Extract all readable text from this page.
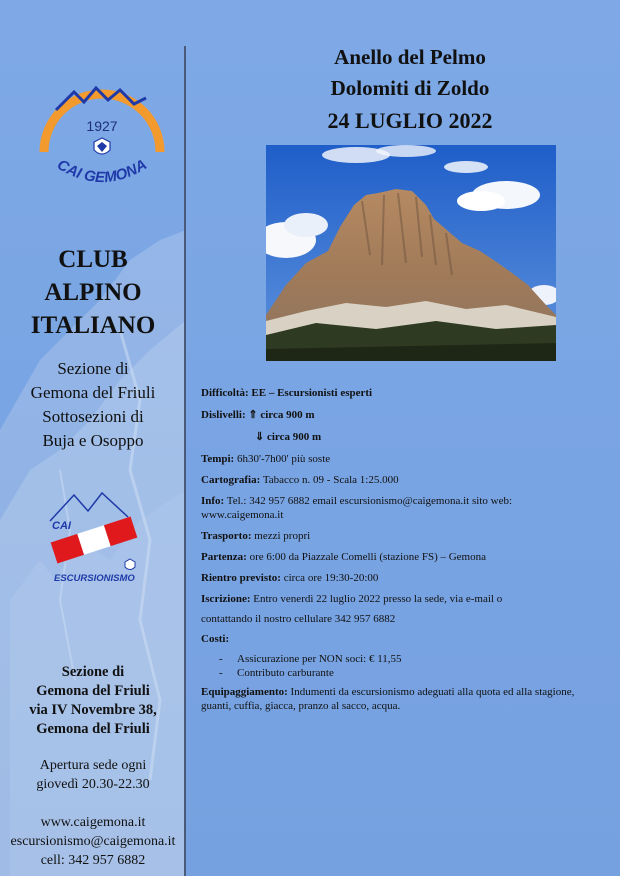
1927
CAI GEMONA
CLUB
ALPINO
ITALIANO
Sezione di
Gemona del Friuli
Sottosezioni di
Buja e Osoppo
CAI
ESCURSIONISMO
Sezione di
Gemona del Friuli
via IV Novembre 38,
Gemona del Friuli
Apertura sede ogni
giovedì 20.30-22.30
www.caigemona.it
escursionismo@caigemona.it
cell: 342 957 6882
Anello del Pelmo
Dolomiti di Zoldo
24 LUGLIO 2022

Difficoltà: EE – Escursionisti esperti

Dislivelli: ⇑ circa 900 m

⇓ circa 900 m

Tempi: 6h30'-7h00' più soste

Cartografia: Tabacco n. 09 - Scala 1:25.000

Info: Tel.: 342 957 6882 email escursionismo@caigemona.it sito web:

www.caigemona.it

Trasporto: mezzi propri

Partenza: ore 6:00 da Piazzale Comelli (stazione FS) – Gemona

Rientro previsto: circa ore 19:30-20:00

Iscrizione: Entro venerdì 22 luglio 2022 presso la sede, via e-mail o

contattando il nostro cellulare 342 957 6882

Costi:

- Assicurazione per NON soci: € 11,55

- Contributo carburante

Equipaggiamento: Indumenti da escursionismo adeguati alla quota ed alla stagione,

guanti, cuffia, giacca, pranzo al sacco, acqua.
